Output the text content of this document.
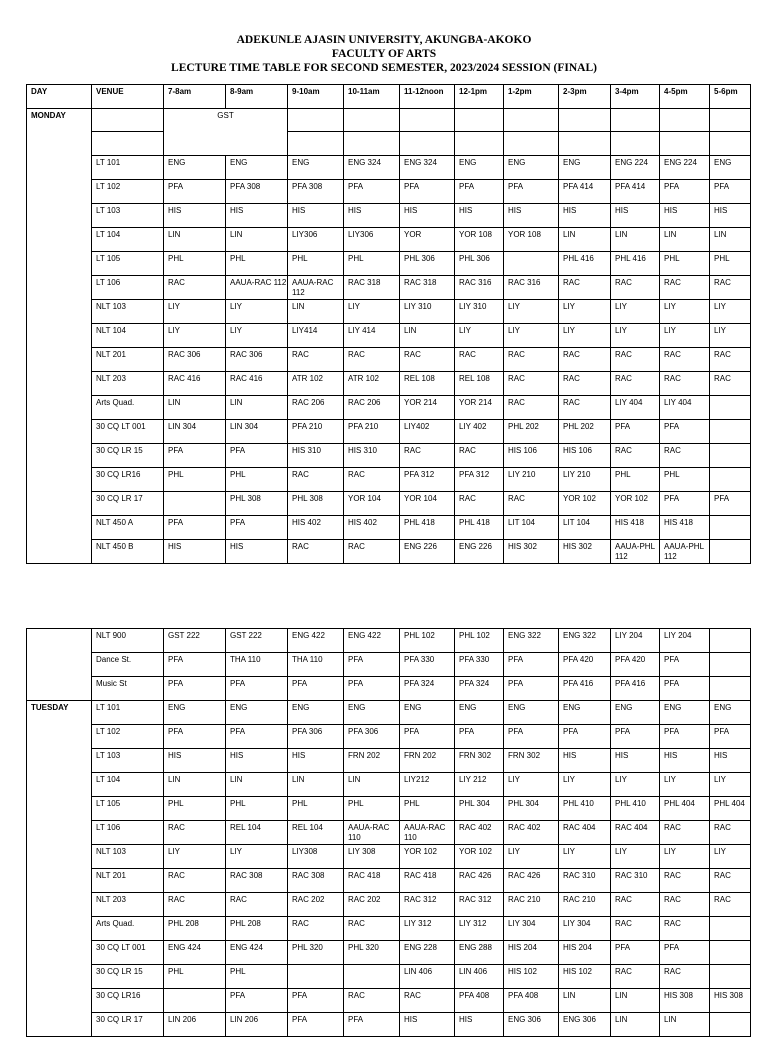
ADEKUNLE AJASIN UNIVERSITY, AKUNGBA-AKOKO
FACULTY OF ARTS
LECTURE TIME TABLE FOR SECOND SEMESTER, 2023/2024 SESSION (FINAL)
DAY	VENUE	7-8am	8-9am	9-10am	10-11am	11-12noon	12-1pm	1-2pm	2-3pm	3-4pm	4-5pm	5-6pm
MONDAY		GST										

	LT 101	ENG	ENG	ENG	ENG 324	ENG 324	ENG	ENG	ENG	ENG 224	ENG 224	ENG
	LT 102	PFA	PFA 308	PFA 308	PFA	PFA	PFA	PFA	PFA 414	PFA 414	PFA	PFA
	LT 103	HIS	HIS	HIS	HIS	HIS	HIS	HIS	HIS	HIS	HIS	HIS
	LT 104	LIN	LIN	LIY306	LIY306	YOR	YOR 108	YOR 108	LIN	LIN	LIN	LIN
	LT 105	PHL	PHL	PHL	PHL	PHL 306	PHL 306		PHL 416	PHL 416	PHL	PHL
	LT 106	RAC	AAUA-RAC 112	AAUA-RAC 112	RAC 318	RAC 318	RAC 316	RAC 316	RAC	RAC	RAC	RAC
	NLT 103	LIY	LIY	LIN	LIY	LIY 310	LIY 310	LIY	LIY	LIY	LIY	LIY
	NLT 104	LIY	LIY	LIY414	LIY 414	LIN	LIY	LIY	LIY	LIY	LIY	LIY
	NLT 201	RAC 306	RAC 306	RAC	RAC	RAC	RAC	RAC	RAC	RAC	RAC	RAC
	NLT 203	RAC 416	RAC 416	ATR 102	ATR 102	REL 108	REL 108	RAC	RAC	RAC	RAC	RAC
	Arts Quad.	LIN	LIN	RAC 206	RAC 206	YOR 214	YOR 214	RAC	RAC	LIY 404	LIY 404	
	30 CQ LT 001	LIN 304	LIN 304	PFA 210	PFA 210	LIY402	LIY 402	PHL 202	PHL 202	PFA	PFA	
	30 CQ LR 15	PFA	PFA	HIS 310	HIS 310	RAC	RAC	HIS 106	HIS 106	RAC	RAC	
	30 CQ LR16	PHL	PHL	RAC	RAC	PFA 312	PFA 312	LIY 210	LIY 210	PHL	PHL	
	30 CQ LR 17		PHL 308	PHL 308	YOR 104	YOR 104	RAC	RAC	YOR 102	YOR 102	PFA	PFA
	NLT 450 A	PFA	PFA	HIS 402	HIS 402	PHL 418	PHL 418	LIT 104	LIT 104	HIS 418	HIS 418	
	NLT 450 B	HIS	HIS	RAC	RAC	ENG 226	ENG 226	HIS 302	HIS 302	AAUA-PHL 112	AAUA-PHL 112	
	NLT 900	GST 222	GST 222	ENG 422	ENG 422	PHL 102	PHL 102	ENG 322	ENG 322	LIY 204	LIY 204	
	Dance St.	PFA	THA 110	THA 110	PFA	PFA 330	PFA 330	PFA	PFA 420	PFA 420	PFA	
	Music St	PFA	PFA	PFA	PFA	PFA 324	PFA 324	PFA	PFA 416	PFA 416	PFA	
TUESDAY	LT 101	ENG	ENG	ENG	ENG	ENG	ENG	ENG	ENG	ENG	ENG	ENG
	LT 102	PFA	PFA	PFA 306	PFA 306	PFA	PFA	PFA	PFA	PFA	PFA	PFA
	LT 103	HIS	HIS	HIS	FRN 202	FRN 202	FRN 302	FRN 302	HIS	HIS	HIS	HIS
	LT 104	LIN	LIN	LIN	LIN	LIY212	LIY 212	LIY	LIY	LIY	LIY	LIY
	LT 105	PHL	PHL	PHL	PHL	PHL	PHL 304	PHL 304	PHL 410	PHL 410	PHL 404	PHL 404
	LT 106	RAC	REL 104	REL 104	AAUA-RAC 110	AAUA-RAC 110	RAC 402	RAC 402	RAC 404	RAC 404	RAC	RAC
	NLT 103	LIY	LIY	LIY308	LIY 308	YOR 102	YOR 102	LIY	LIY	LIY	LIY	LIY
	NLT 201	RAC	RAC 308	RAC 308	RAC 418	RAC 418	RAC 426	RAC 426	RAC 310	RAC 310	RAC	RAC
	NLT 203	RAC	RAC	RAC 202	RAC 202	RAC 312	RAC 312	RAC 210	RAC 210	RAC	RAC	RAC
	Arts Quad.	PHL 208	PHL 208	RAC	RAC	LIY 312	LIY 312	LIY 304	LIY 304	RAC	RAC	
	30 CQ LT 001	ENG 424	ENG 424	PHL 320	PHL 320	ENG 228	ENG 288	HIS 204	HIS 204	PFA	PFA	
	30 CQ LR 15	PHL	PHL			LIN 406	LIN 406	HIS 102	HIS 102	RAC	RAC	
	30 CQ LR16		PFA	PFA	RAC	RAC	PFA 408	PFA 408	LIN	LIN	HIS 308	HIS 308
	30 CQ LR 17	LIN 206	LIN 206	PFA	PFA	HIS	HIS	ENG 306	ENG 306	LIN	LIN	
